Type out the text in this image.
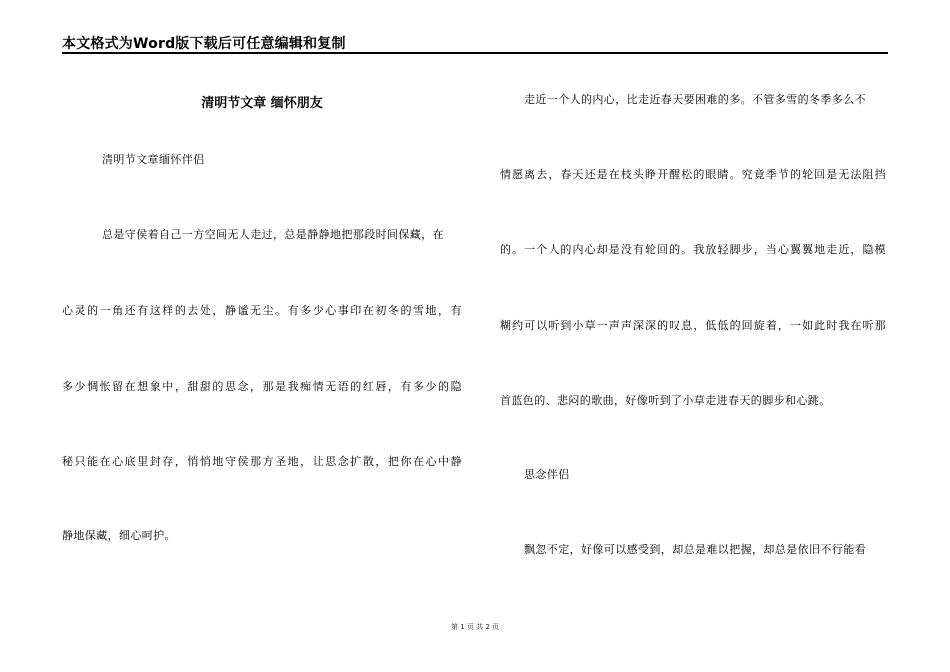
本文格式为Word版下载后可任意编辑和复制
清明节文章 缅怀朋友
清明节文章缅怀伴侣
总是守侯着自己一方空间无人走过，总是静静地把那段时间保藏，在
心灵的一角还有这样的去处，静谧无尘。有多少心事印在初冬的雪地，有
多少惆怅留在想象中，甜甜的思念，那是我痴情无语的红唇，有多少的隐
秘只能在心底里封存，悄悄地守侯那方圣地，让思念扩散，把你在心中静
静地保藏，细心呵护。
走近一个人的内心，比走近春天要困难的多。不管多雪的冬季多么不
情愿离去，春天还是在枝头睁开醒松的眼睛。究竟季节的轮回是无法阻挡
的。一个人的内心却是没有轮回的。我放轻脚步，当心翼翼地走近，隐模
糊约可以听到小草一声声深深的叹息，低低的回旋着，一如此时我在听那
首蓝色的、悲闷的歌曲，好像听到了小草走进春天的脚步和心跳。
思念伴侣
飘忽不定，好像可以感受到，却总是难以把握，却总是依旧不行能看
第 1 页 共 2 页
